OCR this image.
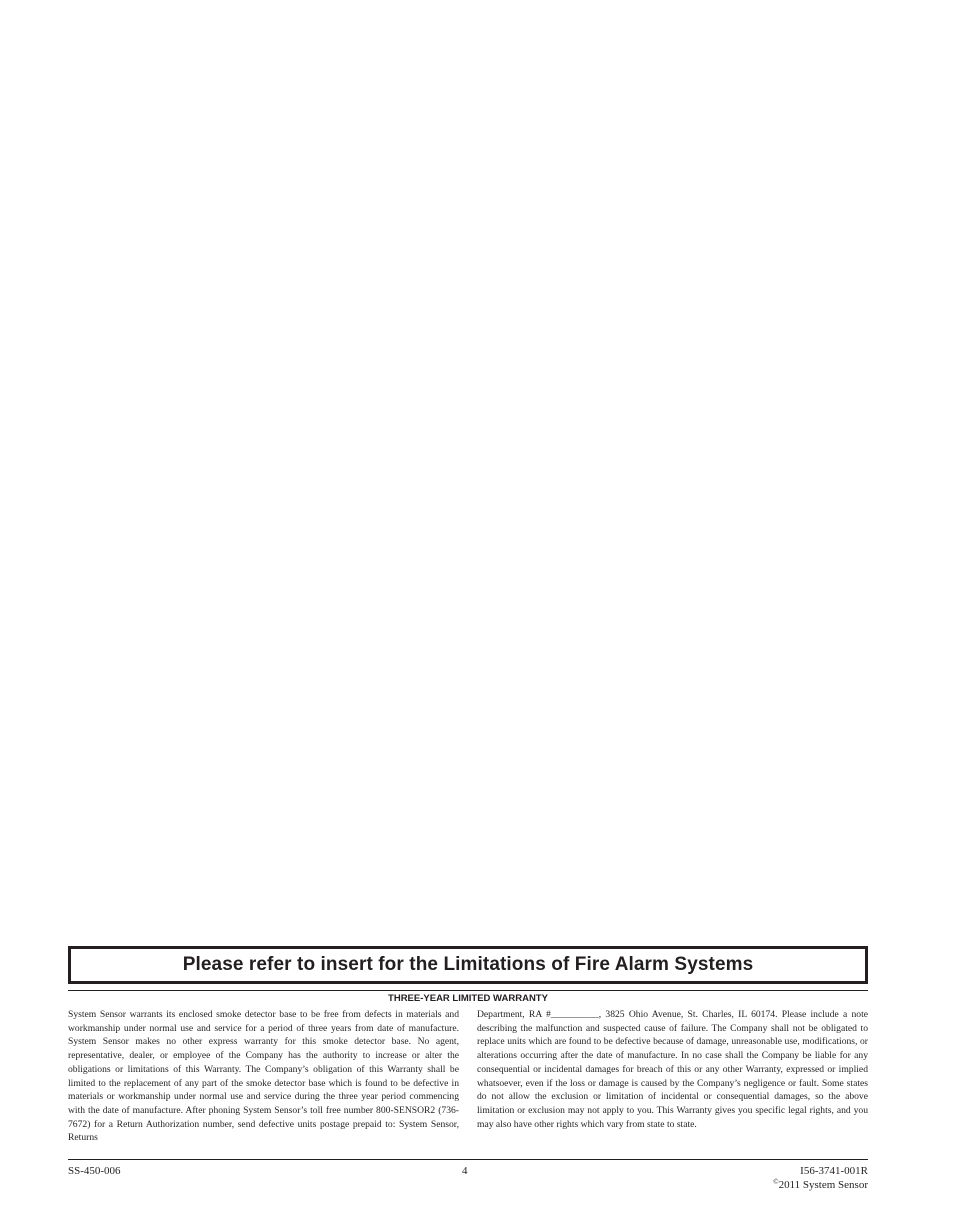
Please refer to insert for the Limitations of Fire Alarm Systems
THREE-YEAR LIMITED WARRANTY
System Sensor warrants its enclosed smoke detector base to be free from defects in materials and workmanship under normal use and service for a period of three years from date of manufacture. System Sensor makes no other express warranty for this smoke detector base. No agent, representative, dealer, or employee of the Company has the authority to increase or alter the obligations or limitations of this Warranty. The Company’s obligation of this Warranty shall be limited to the replacement of any part of the smoke detector base which is found to be defective in materials or workmanship under normal use and service during the three year period commencing with the date of manufacture. After phoning System Sensor’s toll free number 800-SENSOR2 (736-7672) for a Return Authorization number, send defective units postage prepaid to: System Sensor, Returns
Department, RA #__________, 3825 Ohio Avenue, St. Charles, IL 60174. Please include a note describing the malfunction and suspected cause of failure. The Company shall not be obligated to replace units which are found to be defective because of damage, unreasonable use, modifications, or alterations occurring after the date of manufacture. In no case shall the Company be liable for any consequential or incidental damages for breach of this or any other Warranty, expressed or implied whatsoever, even if the loss or damage is caused by the Company’s negligence or fault. Some states do not allow the exclusion or limitation of incidental or consequential damages, so the above limitation or exclusion may not apply to you. This Warranty gives you specific legal rights, and you may also have other rights which vary from state to state.
SS-450-006	4	I56-3741-001R
©2011 System Sensor
